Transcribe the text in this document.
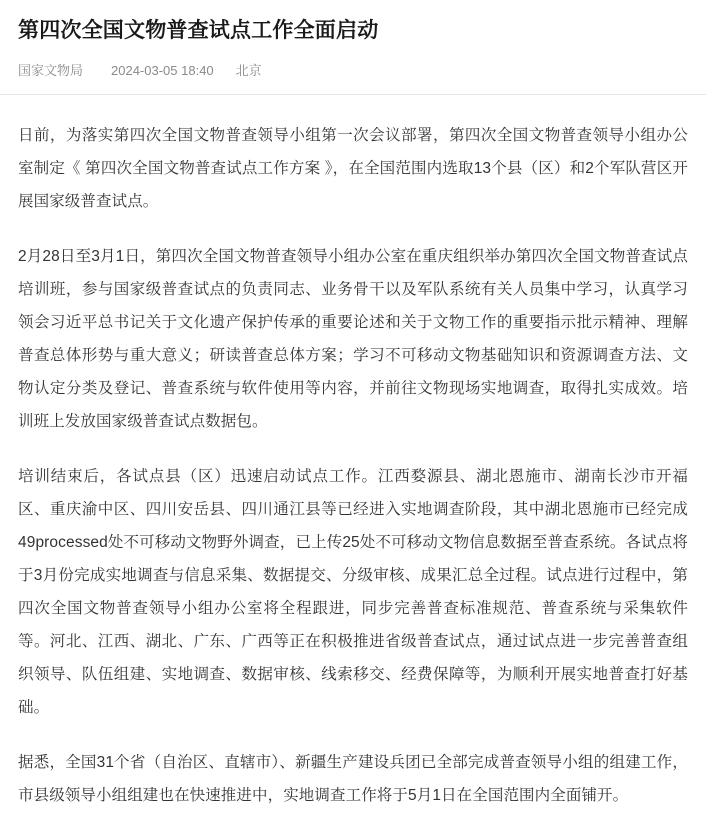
第四次全国文物普查试点工作全面启动
国家文物局 2024-03-05 18:40 北京

日前，为落实第四次全国文物普查领导小组第一次会议部署，第四次全国文物普查领导小组办公室制定《 第四次全国文物普查试点工作方案 》，在全国范围内选取13个县（区）和2个军队营区开展国家级普查试点。

2月28日至3月1日，第四次全国文物普查领导小组办公室在重庆组织举办第四次全国文物普查试点培训班，参与国家级普查试点的负责同志、业务骨干以及军队系统有关人员集中学习，认真学习领会习近平总书记关于文化遗产保护传承的重要论述和关于文物工作的重要指示批示精神、理解普查总体形势与重大意义；研读普查总体方案；学习不可移动文物基础知识和资源调查方法、文物认定分类及登记、普查系统与软件使用等内容，并前往文物现场实地调查，取得扎实成效。培训班上发放国家级普查试点数据包。

培训结束后，各试点县（区）迅速启动试点工作。江西婺源县、湖北恩施市、湖南长沙市开福区、重庆渝中区、四川安岳县、四川通江县等已经进入实地调查阶段，其中湖北恩施市已经完成49processed处不可移动文物野外调查，已上传25处不可移动文物信息数据至普查系统。各试点将于3月份完成实地调查与信息采集、数据提交、分级审核、成果汇总全过程。试点进行过程中，第四次全国文物普查领导小组办公室将全程跟进，同步完善普查标准规范、普查系统与采集软件等。河北、江西、湖北、广东、广西等正在积极推进省级普查试点，通过试点进一步完善普查组织领导、队伍组建、实地调查、数据审核、线索移交、经费保障等，为顺利开展实地普查打好基础。

据悉，全国31个省（自治区、直辖市）、新疆生产建设兵团已全部完成普查领导小组的组建工作，市县级领导小组组建也在快速推进中，实地调查工作将于5月1日在全国范围内全面铺开。
